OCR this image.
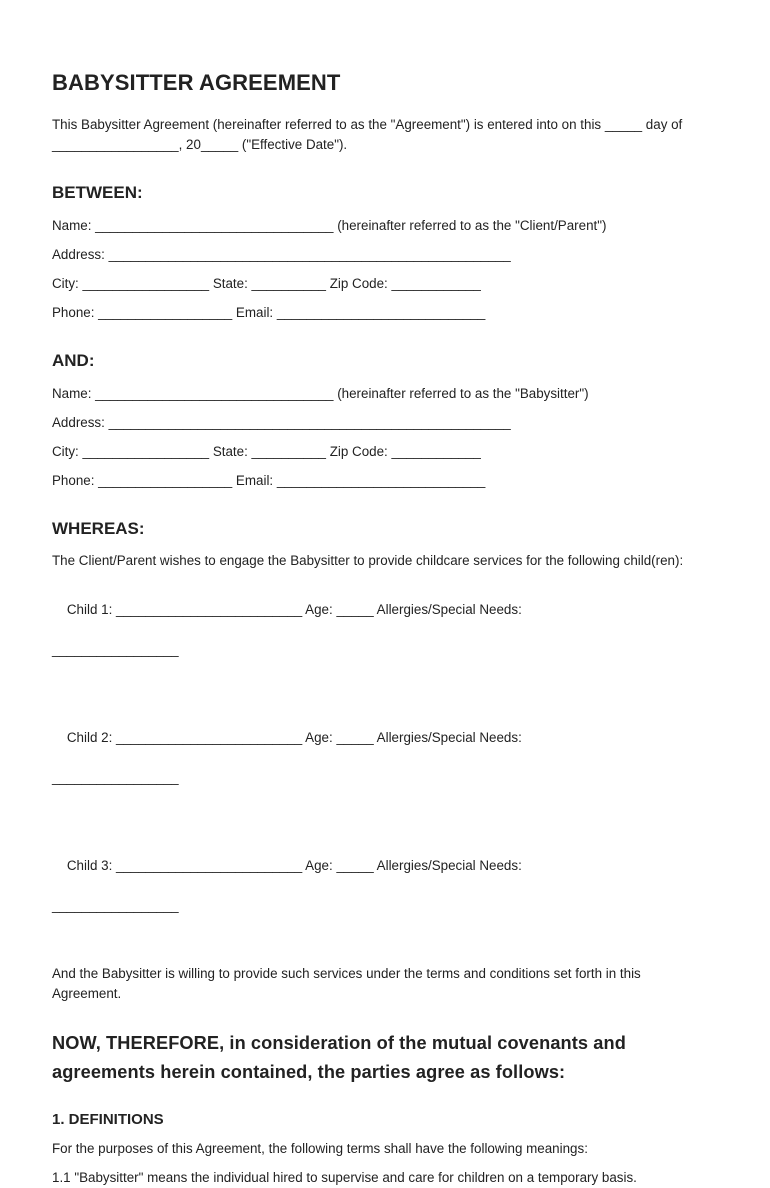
BABYSITTER AGREEMENT

This Babysitter Agreement (hereinafter referred to as the "Agreement") is entered into on this _____ day of _________________, 20_____ ("Effective Date").

BETWEEN:
Name: ________________________________ (hereinafter referred to as the "Client/Parent")
Address: ______________________________________________________
City: _________________ State: __________ Zip Code: ____________
Phone: __________________ Email: ____________________________
AND:
Name: ________________________________ (hereinafter referred to as the "Babysitter")
Address: ______________________________________________________
City: _________________ State: __________ Zip Code: ____________
Phone: __________________ Email: ____________________________
WHEREAS:

The Client/Parent wishes to engage the Babysitter to provide childcare services for the following child(ren):

Child 1: _________________________ Age: _____ Allergies/Special Needs:

_________________

Child 2: _________________________ Age: _____ Allergies/Special Needs:

_________________

Child 3: _________________________ Age: _____ Allergies/Special Needs:

_________________

And the Babysitter is willing to provide such services under the terms and conditions set forth in this Agreement.

NOW, THEREFORE, in consideration of the mutual covenants and agreements herein contained, the parties agree as follows:
1. DEFINITIONS

For the purposes of this Agreement, the following terms shall have the following meanings:

1.1 "Babysitter" means the individual hired to supervise and care for children on a temporary basis.
